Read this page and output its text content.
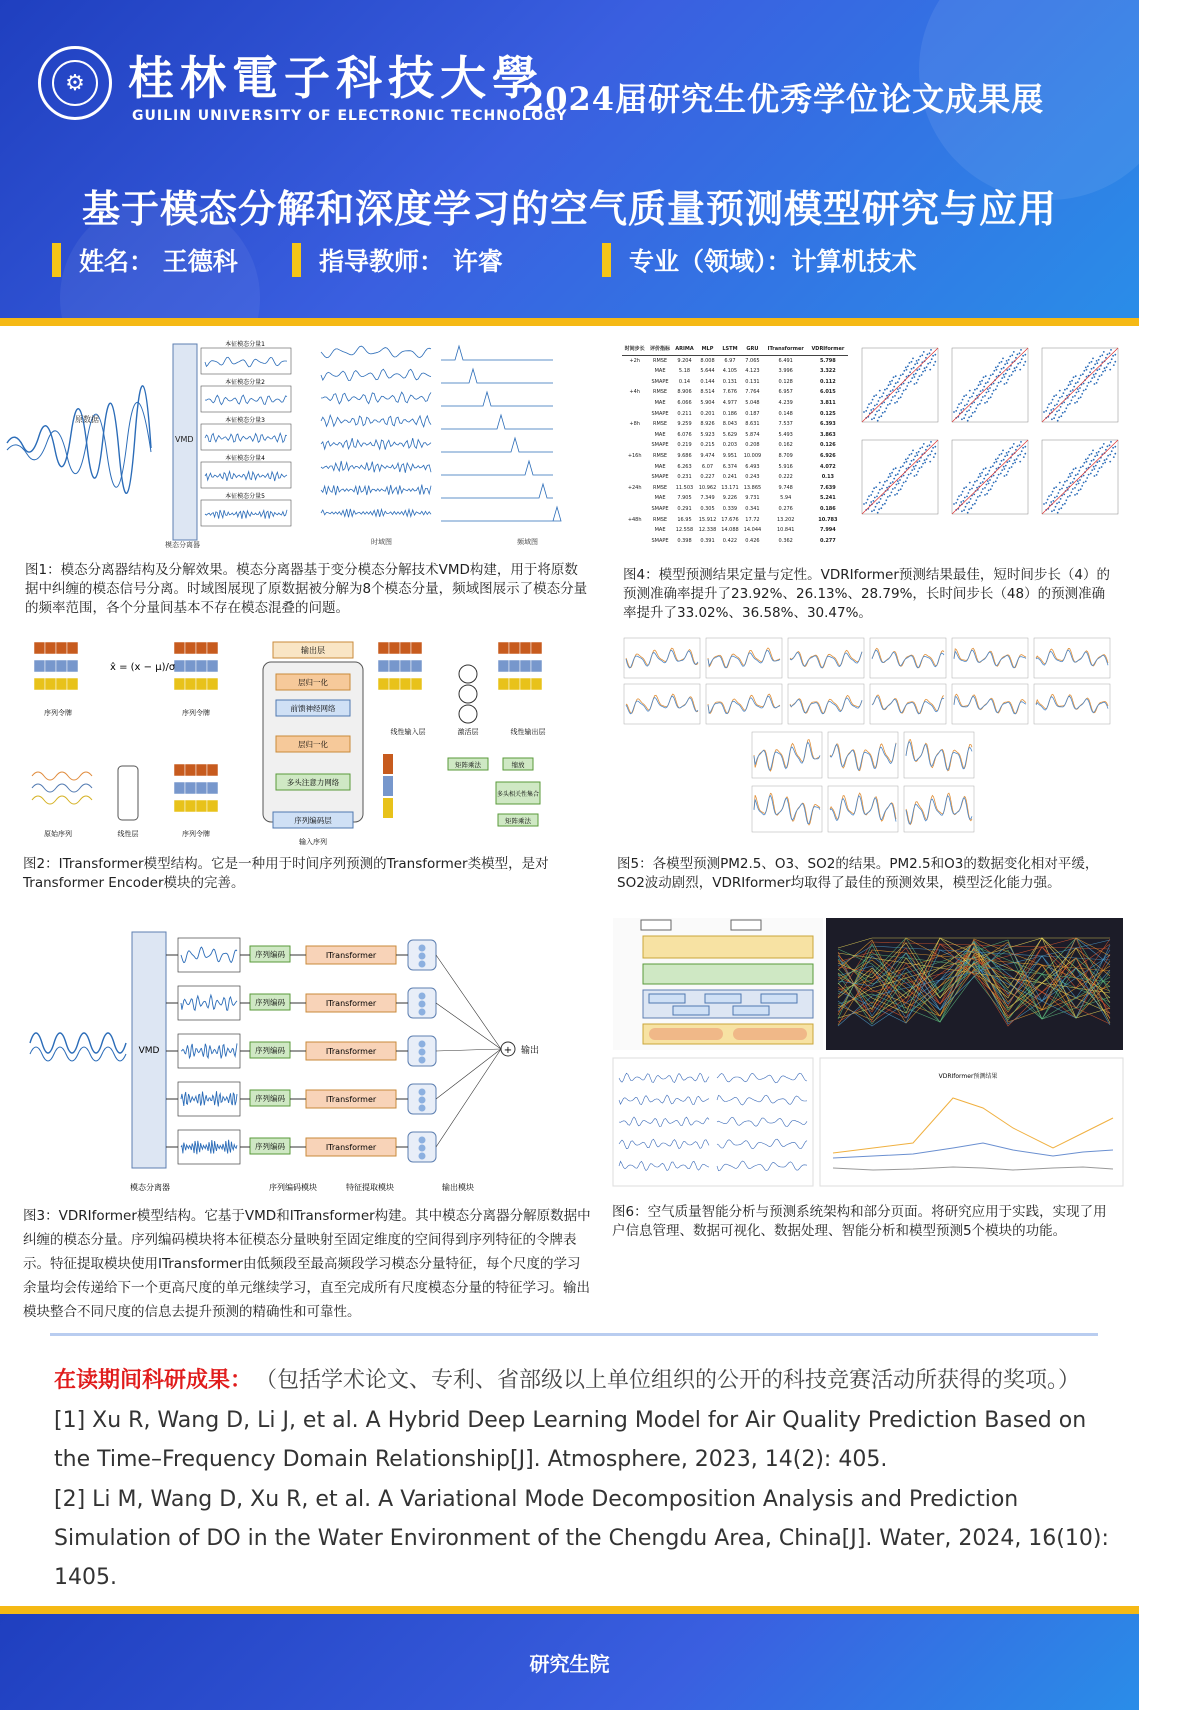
⚙ 桂林電子科技大學
GUILIN UNIVERSITY OF ELECTRONIC TECHNOLOGY
2024届研究生优秀学位论文成果展
基于模态分解和深度学习的空气质量预测模型研究与应用
姓名： 王德科	指导教师： 许睿	专业（领域）：计算机技术
原数据
VMD
模态分离器
本征模态分量1
本征模态分量2
本征模态分量3
本征模态分量4
本征模态分量5
时域图	频域图
图1：模态分离器结构及分解效果。模态分离器基于变分模态分解技术VMD构建，用于将原数据中纠缠的模态信号分离。时域图展现了原数据被分解为8个模态分量，频域图展示了模态分量的频率范围，各个分量间基本不存在模态混叠的问题。
时间步长	评价指标	ARIMA	MLP	LSTM	GRU	ITransformer	VDRIformer
+2h	RMSE	9.204	8.008	6.97	7.065	6.491	5.798
	MAE	5.18	5.644	4.105	4.123	3.996	3.322
	SMAPE	0.14	0.144	0.131	0.131	0.128	0.112
+4h	RMSE	8.906	8.514	7.676	7.764	6.957	6.015
	MAE	6.066	5.904	4.977	5.048	4.239	3.811
	SMAPE	0.211	0.201	0.186	0.187	0.148	0.125
+8h	RMSE	9.259	8.926	8.043	8.631	7.537	6.393
	MAE	6.076	5.923	5.629	5.874	5.493	3.863
	SMAPE	0.219	0.215	0.203	0.208	0.162	0.126
+16h	RMSE	9.686	9.474	9.951	10.009	8.709	6.926
	MAE	6.263	6.07	6.374	6.493	5.916	4.072
	SMAPE	0.231	0.227	0.241	0.243	0.222	0.13
+24h	RMSE	11.503	10.962	13.171	13.865	9.748	7.639
	MAE	7.905	7.349	9.226	9.731	5.94	5.241
	SMAPE	0.291	0.305	0.339	0.341	0.276	0.186
+48h	RMSE	16.95	15.912	17.676	17.72	13.202	10.783
	MAE	12.558	12.338	14.088	14.044	10.841	7.994
	SMAPE	0.398	0.391	0.422	0.426	0.362	0.277
图4：模型预测结果定量与定性。VDRIformer预测结果最佳，短时间步长（4）的预测准确率提升了23.92%、26.13%、28.79%，长时间步长（48）的预测准确率提升了33.02%、36.58%、30.47%。
输出层
层归一化
前馈神经网络
层归一化
多头注意力网络
序列编码层
输入序列
序列令牌	序列令牌
x̂ = (x − μ)/σ
原始序列	线性层	序列令牌
线性输入层	激活层	线性输出层
矩阵乘法	缩放
多头相关性集合
矩阵乘法
图2：ITransformer模型结构。它是一种用于时间序列预测的Transformer类模型，是对Transformer Encoder模块的完善。
图5：各模型预测PM2.5、O3、SO2的结果。PM2.5和O3的数据变化相对平缓，SO2波动剧烈，VDRIformer均取得了最佳的预测效果，模型泛化能力强。
VMD
序列编码	ITransformer
序列编码	ITransformer
序列编码	ITransformer
序列编码	ITransformer
序列编码	ITransformer
+ 输出
模态分离器	序列编码模块	特征提取模块	输出模块
图3：VDRIformer模型结构。它基于VMD和ITransformer构建。其中模态分离器分解原数据中纠缠的模态分量。序列编码模块将本征模态分量映射至固定维度的空间得到序列特征的令牌表示。特征提取模块使用ITransformer由低频段至最高频段学习模态分量特征，每个尺度的学习余量均会传递给下一个更高尺度的单元继续学习，直至完成所有尺度模态分量的特征学习。输出模块整合不同尺度的信息去提升预测的精确性和可靠性。
VDRIformer预测结果
图6：空气质量智能分析与预测系统架构和部分页面。将研究应用于实践，实现了用户信息管理、数据可视化、数据处理、智能分析和模型预测5个模块的功能。
在读期间科研成果： （包括学术论文、专利、省部级以上单位组织的公开的科技竞赛活动所获得的奖项。）
[1] Xu R, Wang D, Li J, et al. A Hybrid Deep Learning Model for Air Quality Prediction Based on the Time–Frequency Domain Relationship[J]. Atmosphere, 2023, 14(2): 405.
[2] Li M, Wang D, Xu R, et al. A Variational Mode Decomposition Analysis and Prediction Simulation of DO in the Water Environment of the Chengdu Area, China[J]. Water, 2024, 16(10): 1405.
研究生院
